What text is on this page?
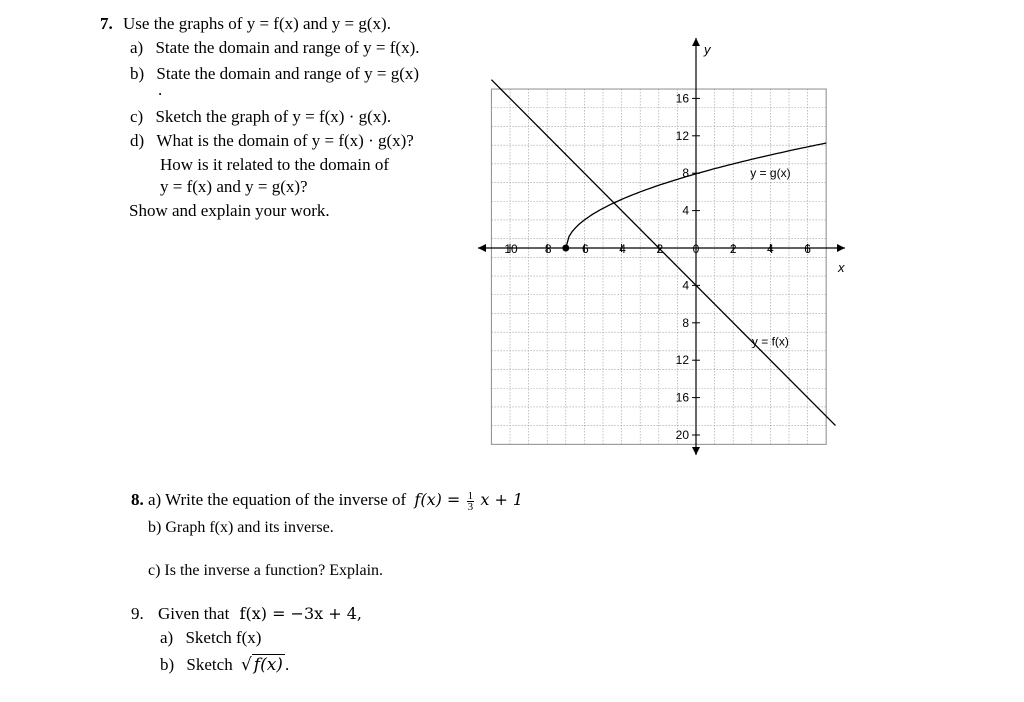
7. Use the graphs of y = f(x) and y = g(x).
a) State the domain and range of y = f(x).
b) State the domain and range of y = g(x)
.
c) Sketch the graph of y = f(x) · g(x).
d) What is the domain of y = f(x) · g(x)?
How is it related to the domain of
y = f(x) and y = g(x)?
Show and explain your work.
10 8	6	4	2 0	2	4	6
16
12
8
4
4
8
12
16
20
x
y
y = g(x)
y = f(x)
8. a) Write the equation of the inverse of $f(x) = \frac{1}{3}$ x + 1
b) Graph f(x) and its inverse.
c) Is the inverse a function? Explain.
9. Given that f(x) = −3x + 4,
a) Sketch f(x)
b) Sketch √ f(x) .
